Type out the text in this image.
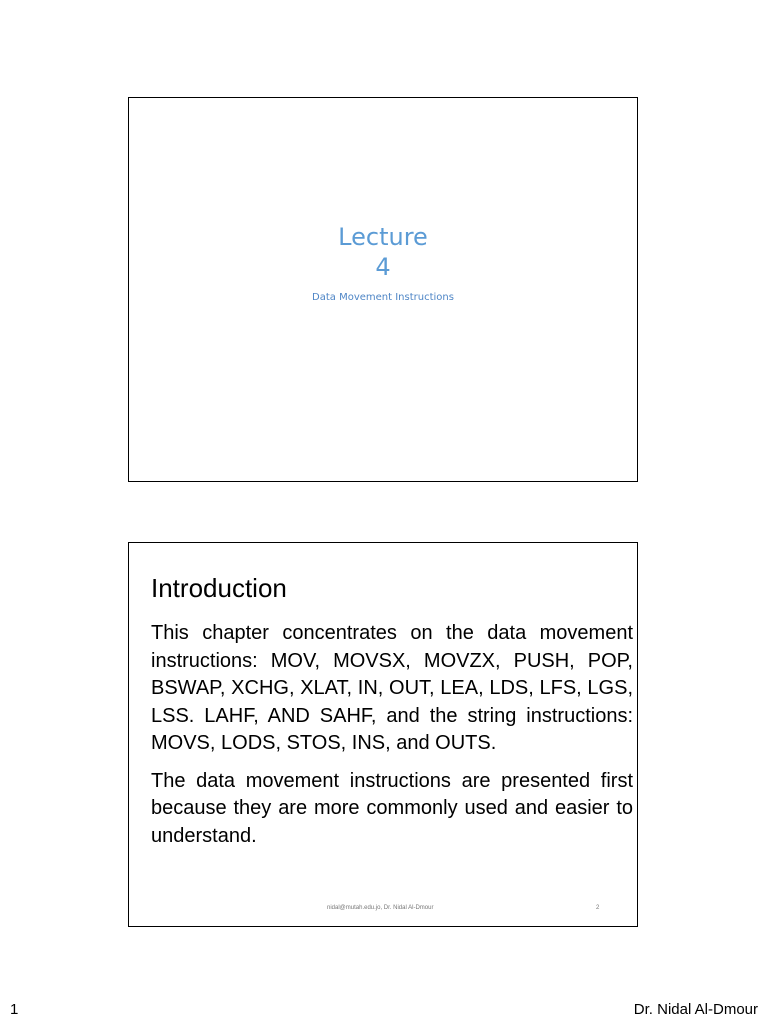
Lecture
4
Data Movement Instructions
Introduction

This chapter concentrates on the data movement instructions: MOV, MOVSX, MOVZX, PUSH, POP, BSWAP, XCHG, XLAT, IN, OUT, LEA, LDS, LFS, LGS, LSS. LAHF, AND SAHF, and the string instructions: MOVS, LODS, STOS, INS, and OUTS.

The data movement instructions are presented first because they are more commonly used and easier to understand.

nidal@mutah.edu.jo, Dr. Nidal Al-Dmour	2
1	Dr. Nidal Al-Dmour
